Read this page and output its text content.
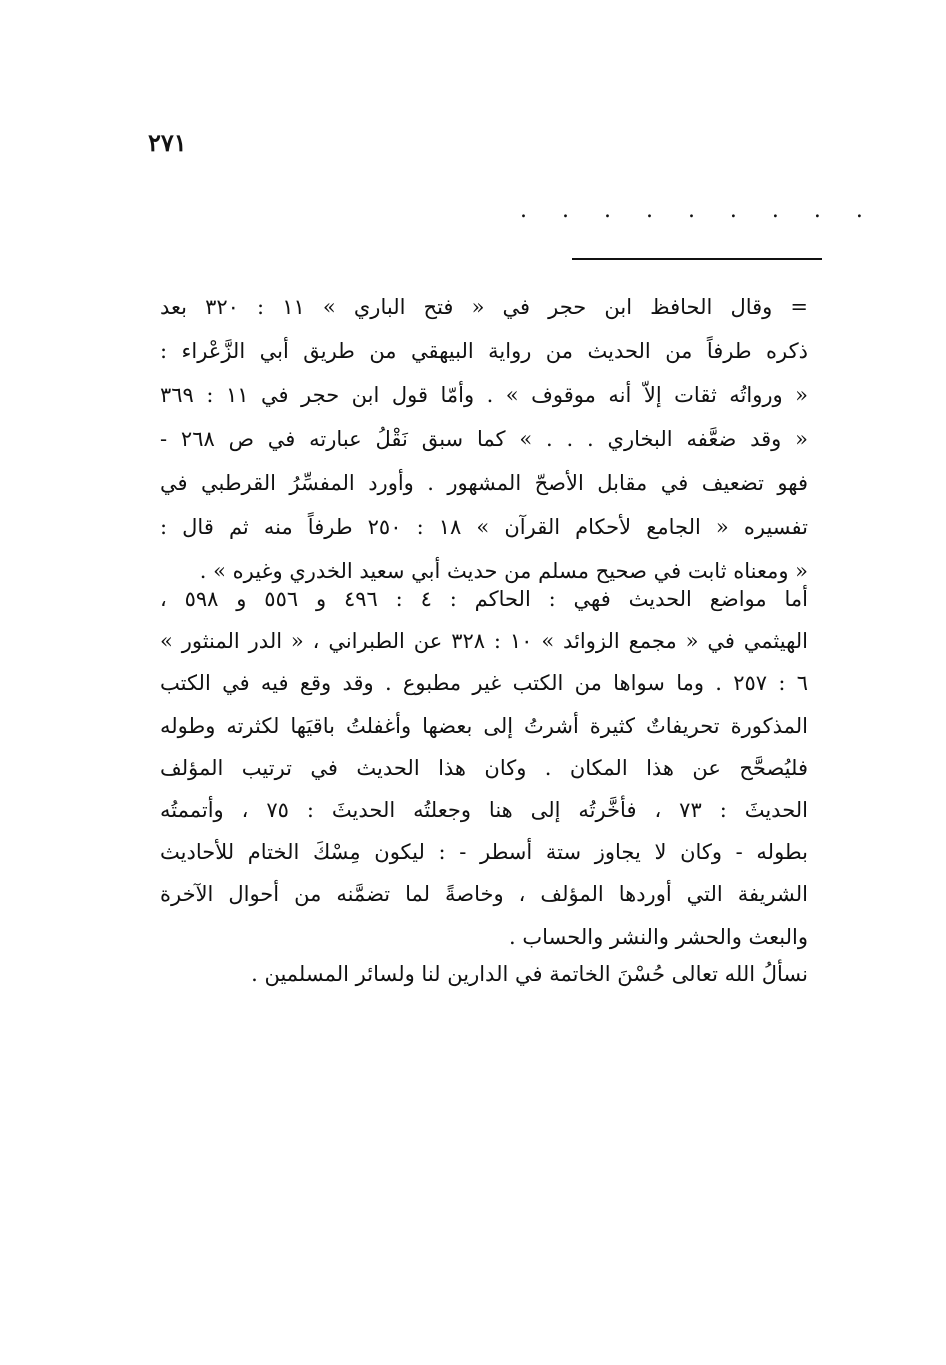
٢٧١
. . . . . . . . .
= وقال الحافظ ابن حجر في « فتح الباري » ١١ : ٣٢٠ بعد
ذكره طرفاً من الحديث من رواية البيهقي من طريق أبي الزَّعْراء :
« ورواتُه ثقات إلاّ أنه موقوف » . وأمّا قول ابن حجر في ١١ : ٣٦٩
« وقد ضعَّفه البخاري . . . » كما سبق نَقْلُ عبارته في ص ٢٦٨ -
فهو تضعيف في مقابل الأصحّ المشهور . وأورد المفسِّرُ القرطبي في
تفسيره « الجامع لأحكام القرآن » ١٨ : ٢٥٠ طرفاً منه ثم قال :
« ومعناه ثابت في صحيح مسلم من حديث أبي سعيد الخدري وغيره » .
أما مواضع الحديث فهي : الحاكم : ٤ : ٤٩٦ و ٥٥٦ و ٥٩٨ ،
الهيثمي في « مجمع الزوائد » ١٠ : ٣٢٨ عن الطبراني ، « الدر المنثور »
٦ : ٢٥٧ . وما سواها من الكتب غير مطبوع . وقد وقع فيه في الكتب
المذكورة تحريفاتٌ كثيرة أشرتُ إلى بعضها وأغفلتُ باقيَها لكثرته وطوله
فليُصحَّح عن هذا المكان . وكان هذا الحديث في ترتيب المؤلف
الحديثَ : ٧٣ ، فأخَّرتُه إلى هنا وجعلتُه الحديثَ : ٧٥ ، وأتممتُه
بطوله - وكان لا يجاوز ستة أسطر - : ليكون مِسْكَ الختام للأحاديث
الشريفة التي أوردها المؤلف ، وخاصةً لما تضمَّنه من أحوال الآخرة
والبعث والحشر والنشر والحساب .
نسألُ الله تعالى حُسْنَ الخاتمة في الدارين لنا ولسائر المسلمين .
